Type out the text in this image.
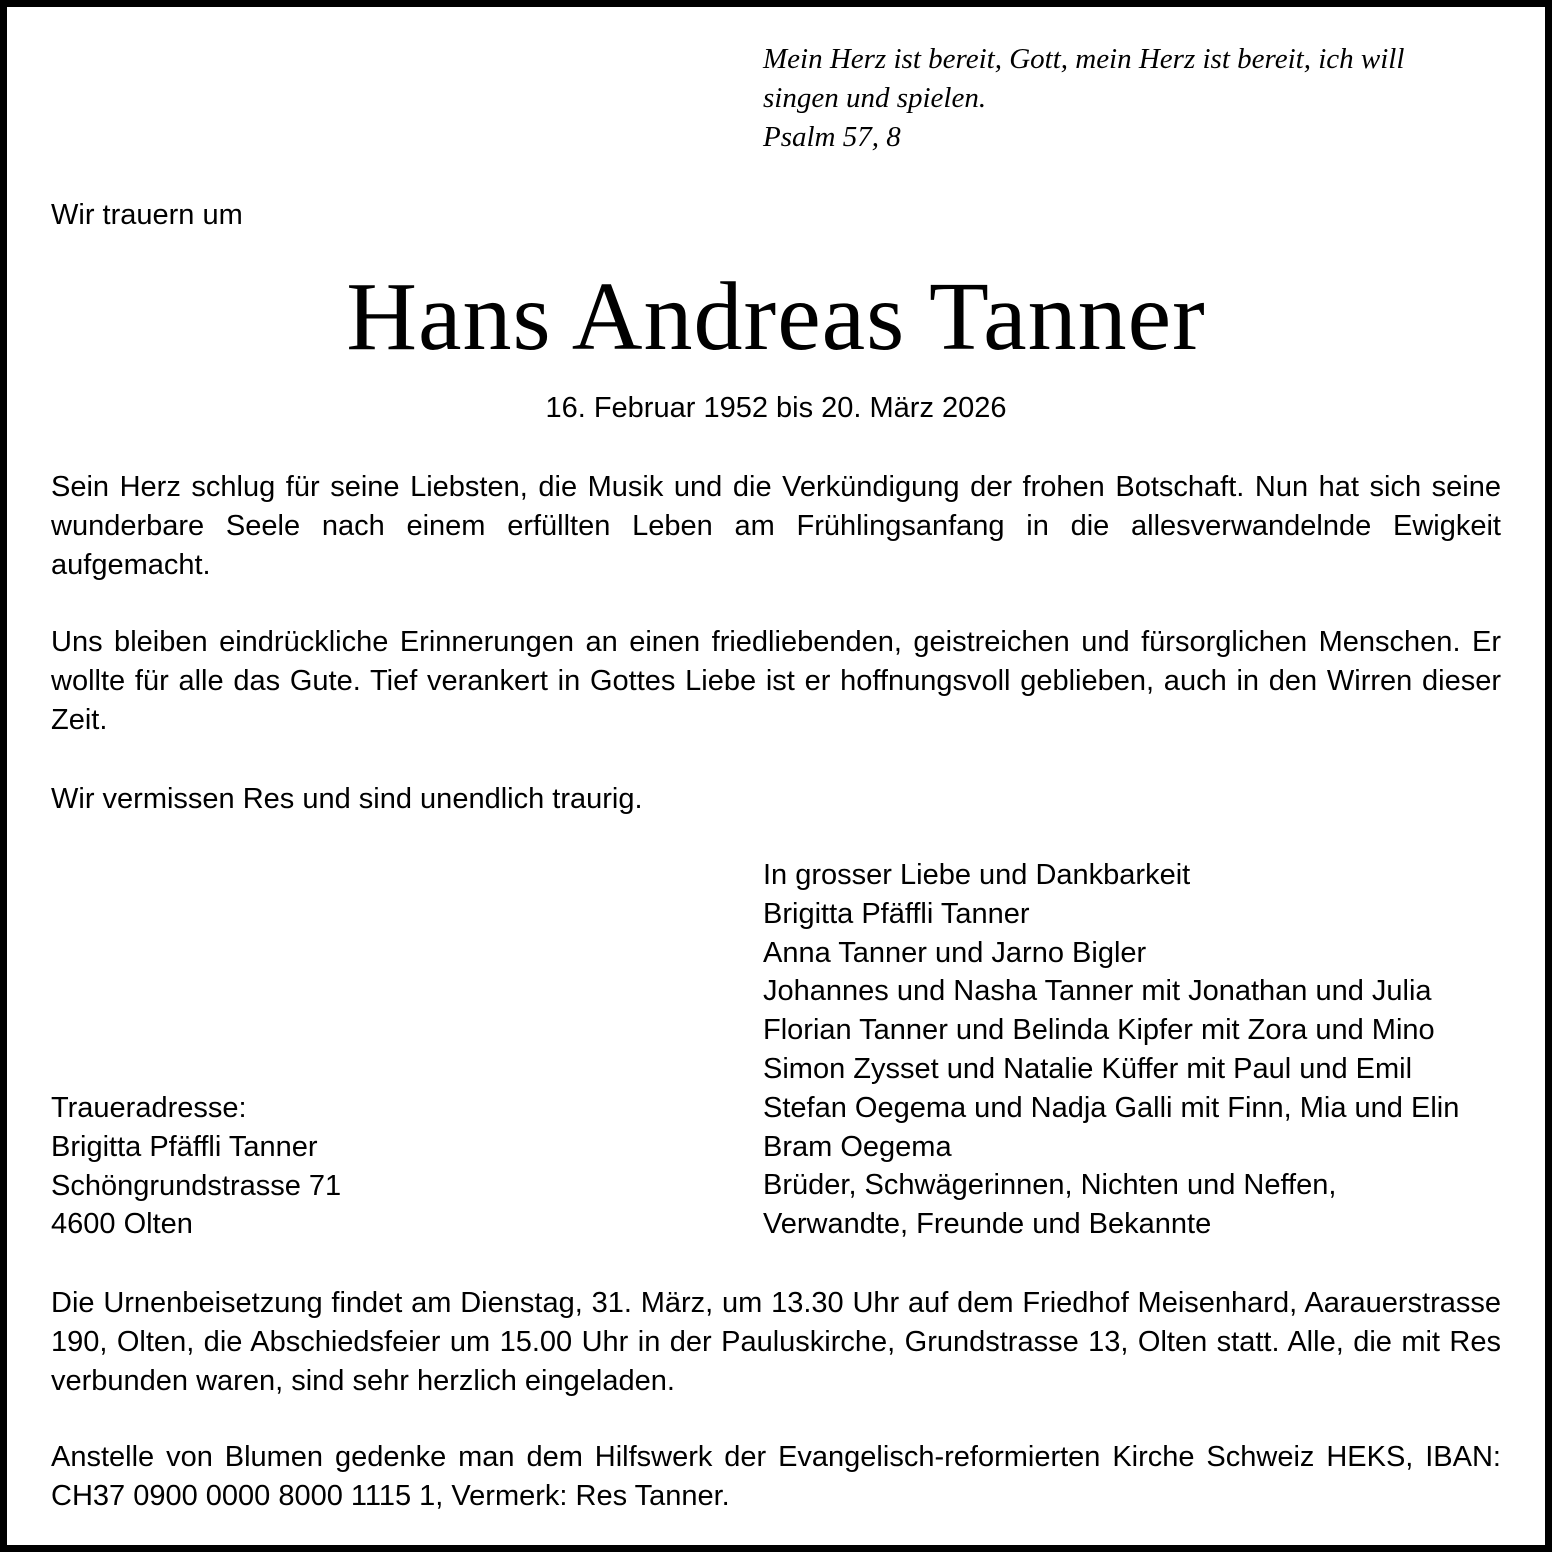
Mein Herz ist bereit, Gott, mein Herz ist bereit, ich will
singen und spielen.
Psalm 57, 8
Wir trauern um
Hans Andreas Tanner
16. Februar 1952 bis 20. März 2026
Sein Herz schlug für seine Liebsten, die Musik und die Verkündigung der frohen Botschaft. Nun hat sich seine wunderbare Seele nach einem erfüllten Leben am Frühlingsanfang in die allesverwandelnde Ewigkeit aufgemacht.
Uns bleiben eindrückliche Erinnerungen an einen friedliebenden, geistreichen und fürsorglichen Menschen. Er wollte für alle das Gute. Tief verankert in Gottes Liebe ist er hoffnungsvoll geblieben, auch in den Wirren dieser Zeit.
Wir vermissen Res und sind unendlich traurig.
In grosser Liebe und Dankbarkeit
Brigitta Pfäffli Tanner
Anna Tanner und Jarno Bigler
Johannes und Nasha Tanner mit Jonathan und Julia
Florian Tanner und Belinda Kipfer mit Zora und Mino
Simon Zysset und Natalie Küffer mit Paul und Emil
Stefan Oegema und Nadja Galli mit Finn, Mia und Elin
Bram Oegema
Brüder, Schwägerinnen, Nichten und Neffen,
Verwandte, Freunde und Bekannte
Traueradresse:
Brigitta Pfäffli Tanner
Schöngrundstrasse 71
4600 Olten
Die Urnenbeisetzung findet am Dienstag, 31. März, um 13.30 Uhr auf dem Friedhof Meisenhard, Aarauerstrasse 190, Olten, die Abschiedsfeier um 15.00 Uhr in der Pauluskirche, Grundstrasse 13, Olten statt. Alle, die mit Res verbunden waren, sind sehr herzlich eingeladen.
Anstelle von Blumen gedenke man dem Hilfswerk der Evangelisch-reformierten Kirche Schweiz HEKS, IBAN: CH37 0900 0000 8000 1115 1, Vermerk: Res Tanner.
